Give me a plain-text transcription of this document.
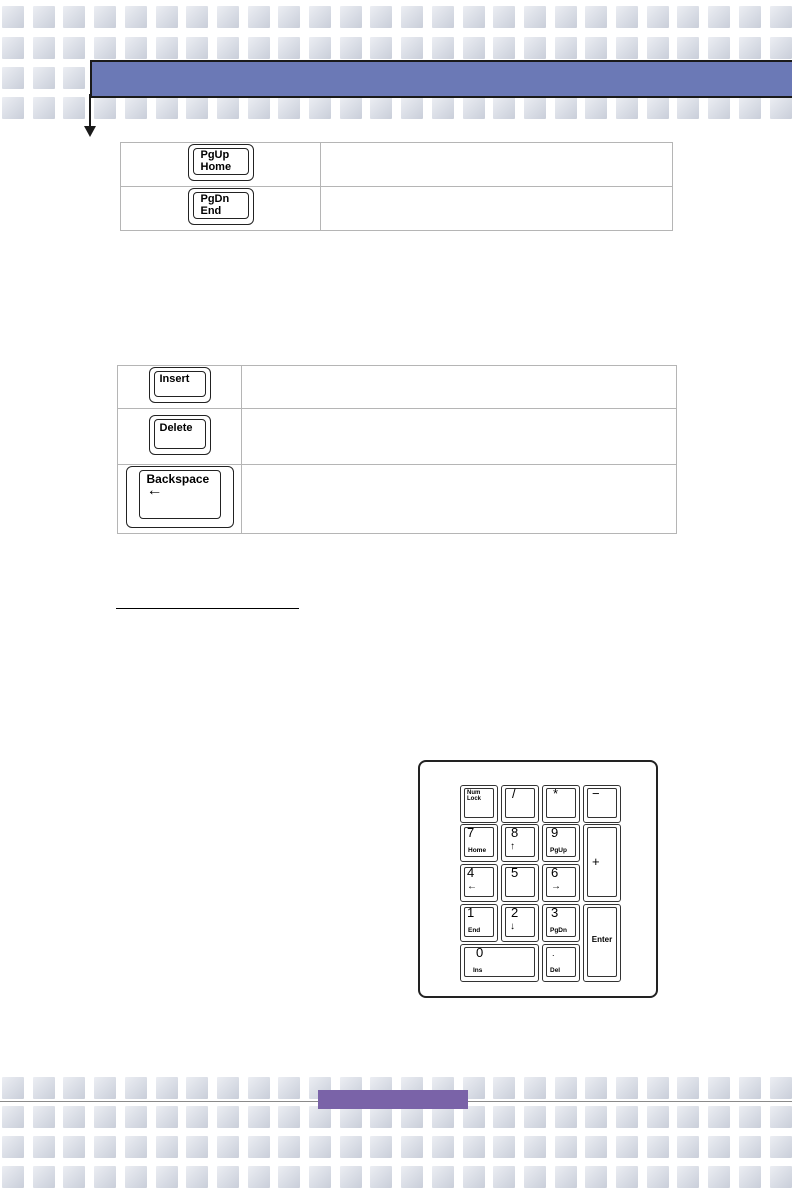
PgUp
Home	

PgDn
End	

Insert	

Delete	

Backspace
←	

Num
Lock /	*	−
7
Home
8
↑
9
PgUp
+
4
←
5	6
→
1
End
2
↓
3
PgDn
Enter
0
Ins
.
Del
